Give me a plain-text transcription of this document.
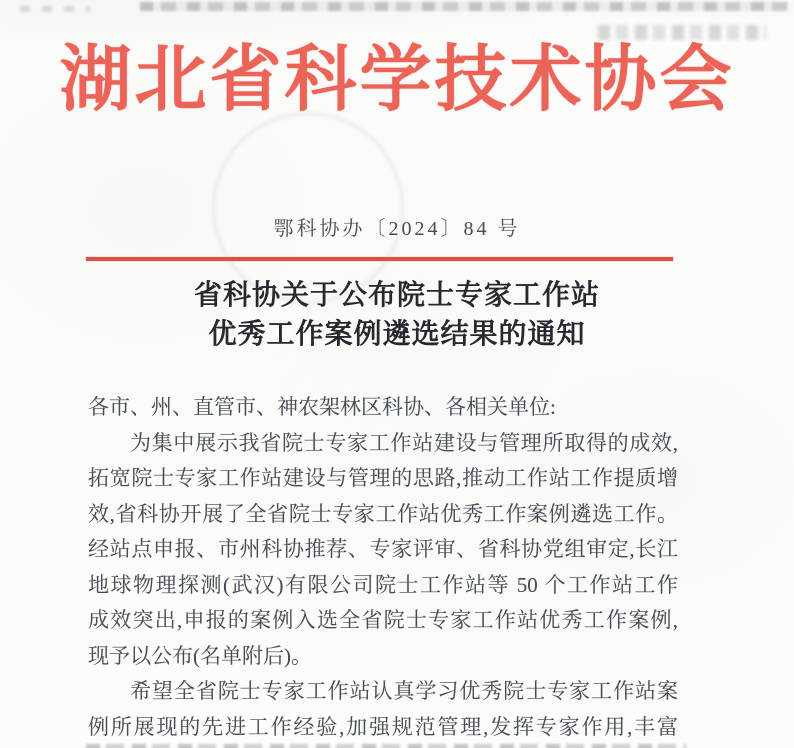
湖北省科学技术协会
鄂科协办〔2024〕84 号
省科协关于公布院士专家工作站
优秀工作案例遴选结果的通知
各市、州、直管市、神农架林区科协、各相关单位:
为集中展示我省院士专家工作站建设与管理所取得的成效,
拓宽院士专家工作站建设与管理的思路,推动工作站工作提质增
效,省科协开展了全省院士专家工作站优秀工作案例遴选工作。
经站点申报、市州科协推荐、专家评审、省科协党组审定,长江
地球物理探测(武汉)有限公司院士工作站等 50 个工作站工作
成效突出,申报的案例入选全省院士专家工作站优秀工作案例,
现予以公布(名单附后)。
希望全省院士专家工作站认真学习优秀院士专家工作站案
例所展现的先进工作经验,加强规范管理,发挥专家作用,丰富
